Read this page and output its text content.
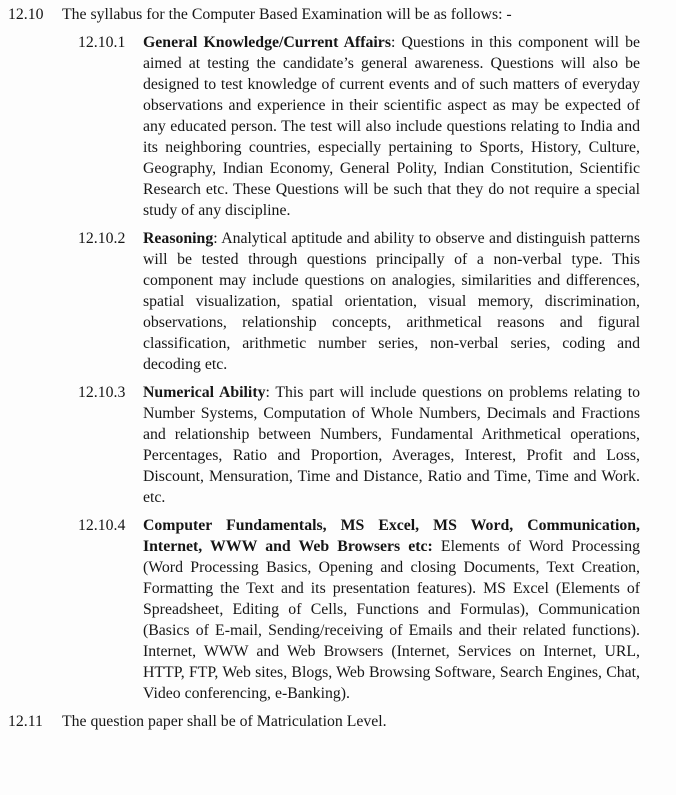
12.10	The syllabus for the Computer Based Examination will be as follows: -
12.10.1	General Knowledge/Current Affairs: Questions in this component will be aimed at testing the candidate’s general awareness. Questions will also be designed to test knowledge of current events and of such matters of everyday observations and experience in their scientific aspect as may be expected of any educated person. The test will also include questions relating to India and its neighboring countries, especially pertaining to Sports, History, Culture, Geography, Indian Economy, General Polity, Indian Constitution, Scientific Research etc. These Questions will be such that they do not require a special study of any discipline.

12.10.2	Reasoning: Analytical aptitude and ability to observe and distinguish patterns will be tested through questions principally of a non-verbal type. This component may include questions on analogies, similarities and differences, spatial visualization, spatial orientation, visual memory, discrimination, observations, relationship concepts, arithmetical reasons and figural classification, arithmetic number series, non-verbal series, coding and decoding etc.

12.10.3	Numerical Ability: This part will include questions on problems relating to Number Systems, Computation of Whole Numbers, Decimals and Fractions and relationship between Numbers, Fundamental Arithmetical operations, Percentages, Ratio and Proportion, Averages, Interest, Profit and Loss, Discount, Mensuration, Time and Distance, Ratio and Time, Time and Work. etc.

12.10.4	Computer Fundamentals, MS Excel, MS Word, Communication, Internet, WWW and Web Browsers etc: Elements of Word Processing (Word Processing Basics, Opening and closing Documents, Text Creation, Formatting the Text and its presentation features). MS Excel (Elements of Spreadsheet, Editing of Cells, Functions and Formulas), Communication (Basics of E-mail, Sending/receiving of Emails and their related functions). Internet, WWW and Web Browsers (Internet, Services on Internet, URL, HTTP, FTP, Web sites, Blogs, Web Browsing Software, Search Engines, Chat, Video conferencing, e-Banking).

12.11	The question paper shall be of Matriculation Level.
